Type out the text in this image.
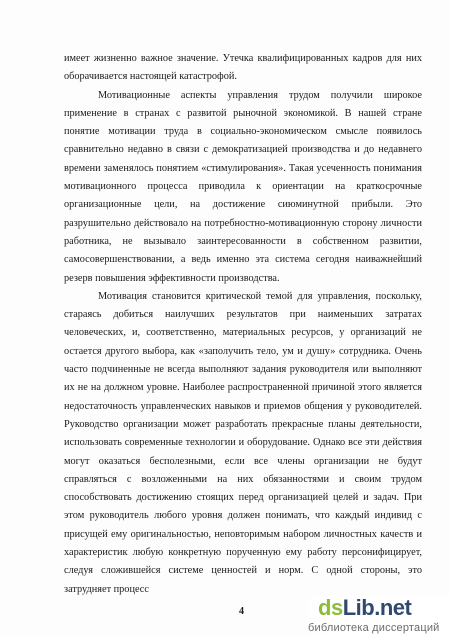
имеет жизненно важное значение. Утечка квалифицированных кадров для них оборачивается настоящей катастрофой.

Мотивационные аспекты управления трудом получили широкое применение в странах с развитой рыночной экономикой. В нашей стране понятие мотивации труда в социально-экономическом смысле появилось сравнительно недавно в связи с демократизацией производства и до недавнего времени заменялось понятием «стимулирования». Такая усеченность понимания мотивационного процесса приводила к ориентации на краткосрочные организационные цели, на достижение сиюминутной прибыли. Это разрушительно действовало на потребностно-мотивационную сторону личности работника, не вызывало заинтересованности в собственном развитии, самосовершенствовании, а ведь именно эта система сегодня наиважнейший резерв повышения эффективности производства.

Мотивация становится критической темой для управления, поскольку, стараясь добиться наилучших результатов при наименьших затратах человеческих, и, соответственно, материальных ресурсов, у организаций не остается другого выбора, как «заполучить тело, ум и душу» сотрудника. Очень часто подчиненные не всегда выполняют задания руководителя или выполняют их не на должном уровне. Наиболее распространенной причиной этого является недостаточность управленческих навыков и приемов общения у руководителей. Руководство организации может разработать прекрасные планы деятельности, использовать современные технологии и оборудование. Однако все эти действия могут оказаться бесполезными, если все члены организации не будут справляться с возложенными на них обязанностями и своим трудом способствовать достижению стоящих перед организацией целей и задач. При этом руководитель любого уровня должен понимать, что каждый индивид с присущей ему оригинальностью, неповторимым набором личностных качеств и характеристик любую конкретную порученную ему работу персонифицирует, следуя сложившейся системе ценностей и норм. С одной стороны, это затрудняет процесс

4	dsLib.net
библиотека диссертаций
